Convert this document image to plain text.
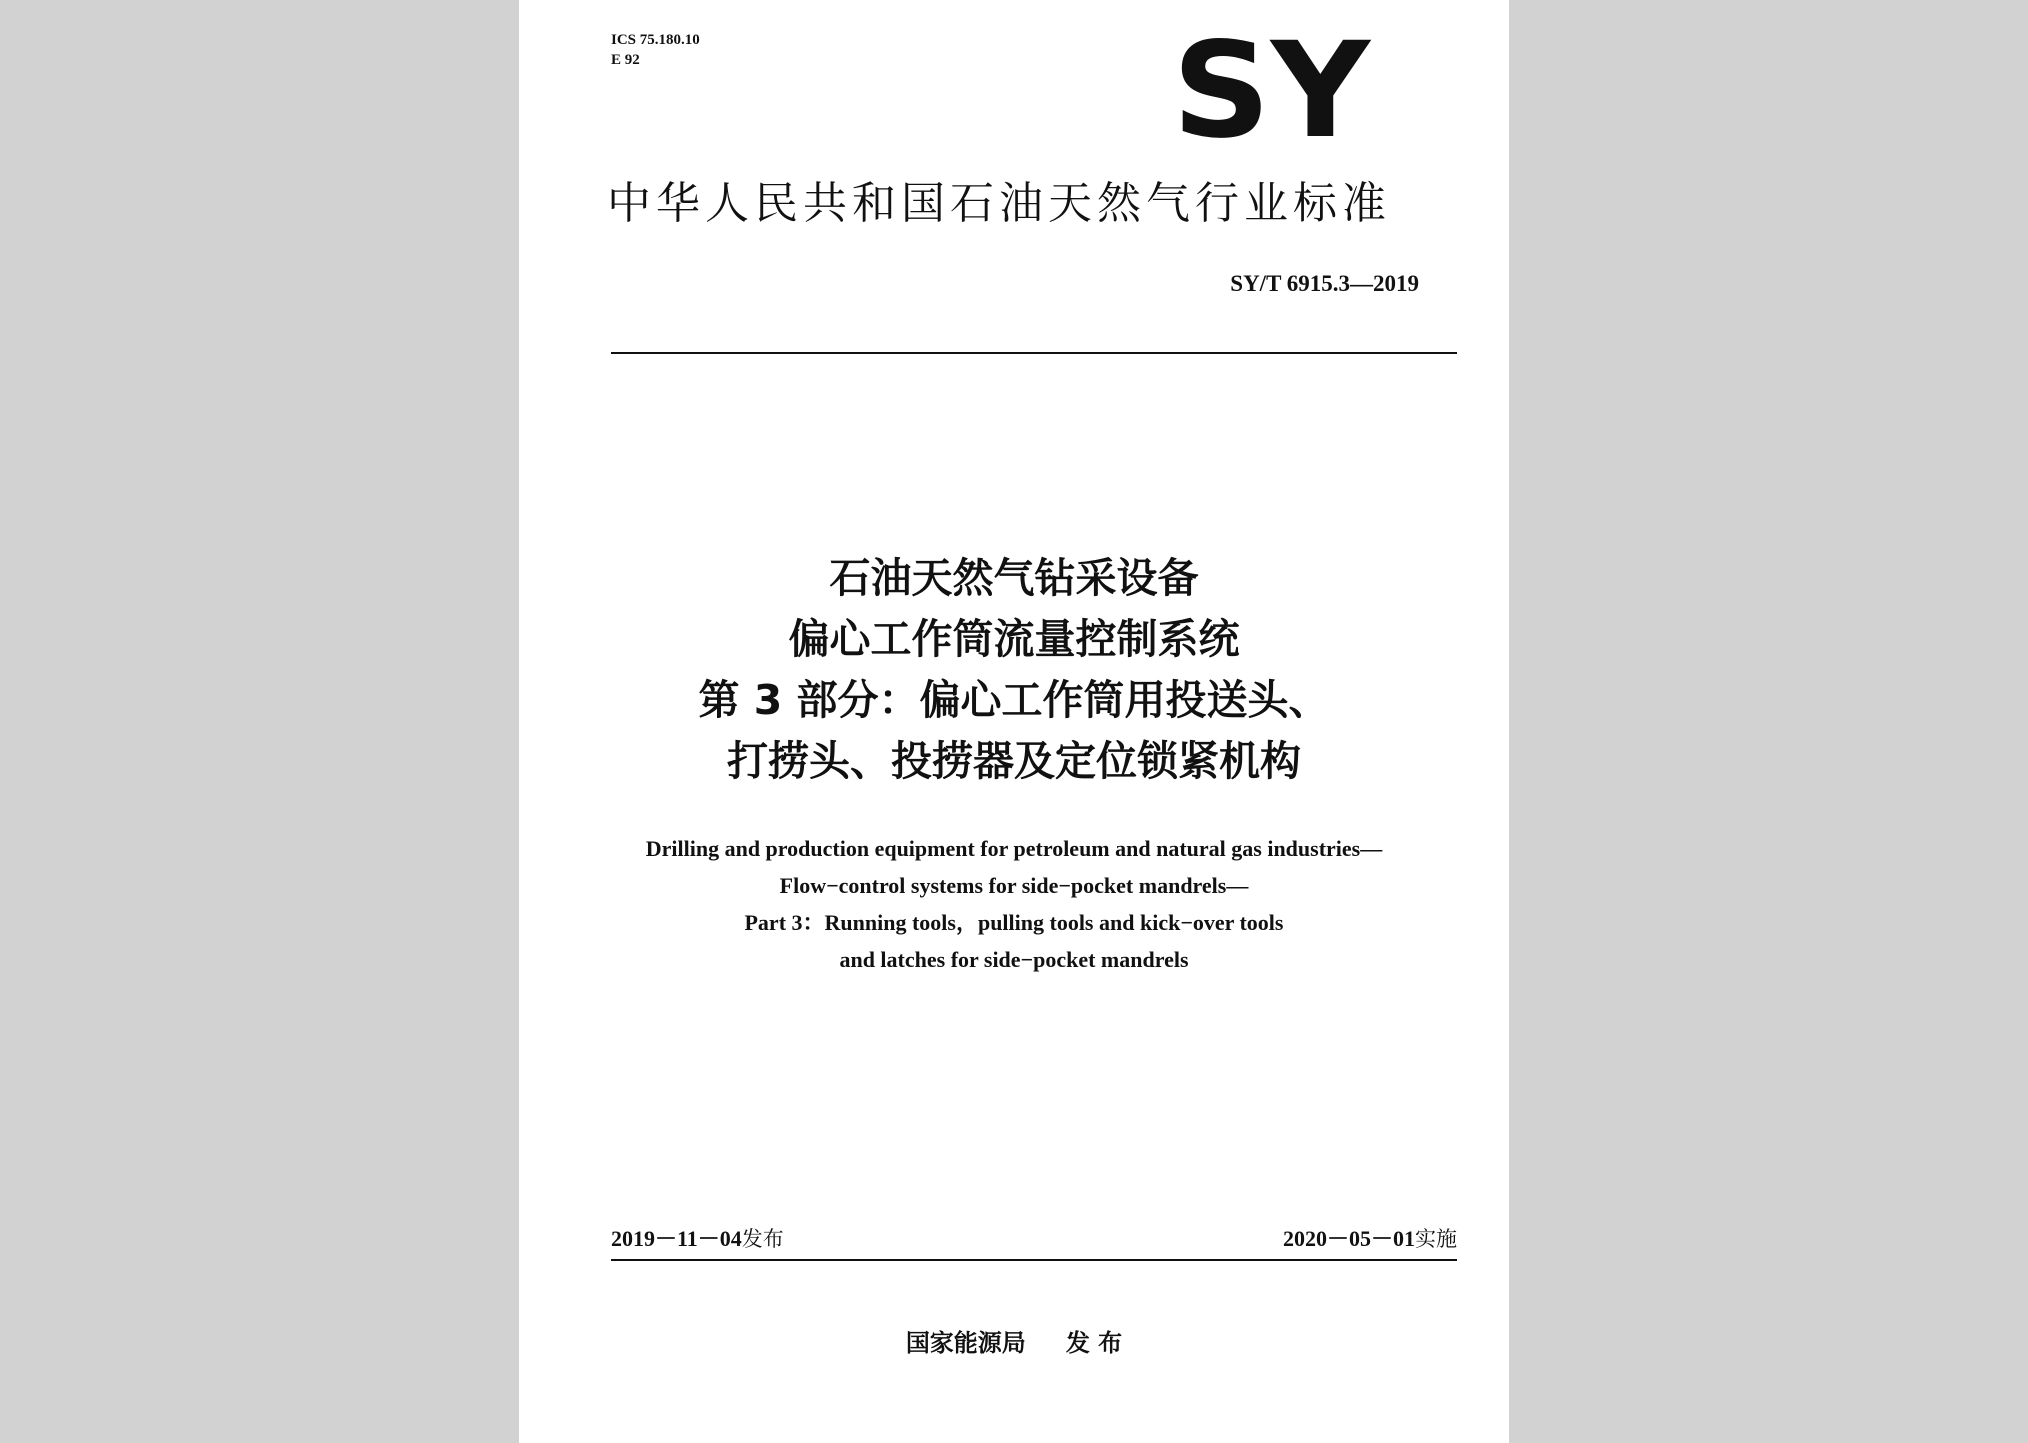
ICS 75.180.10
E 92	SY
中华人民共和国石油天然气行业标准
SY/T 6915.3—2019
石油天然气钻采设备
偏心工作筒流量控制系统
第 3 部分：偏心工作筒用投送头、
打捞头、投捞器及定位锁紧机构
Drilling and production equipment for petroleum and natural gas industries—
Flow−control systems for side−pocket mandrels—
Part 3：Running tools，pulling tools and kick−over tools
and latches for side−pocket mandrels
2019－11－04发布	2020－05－01实施
国家能源局 发 布
